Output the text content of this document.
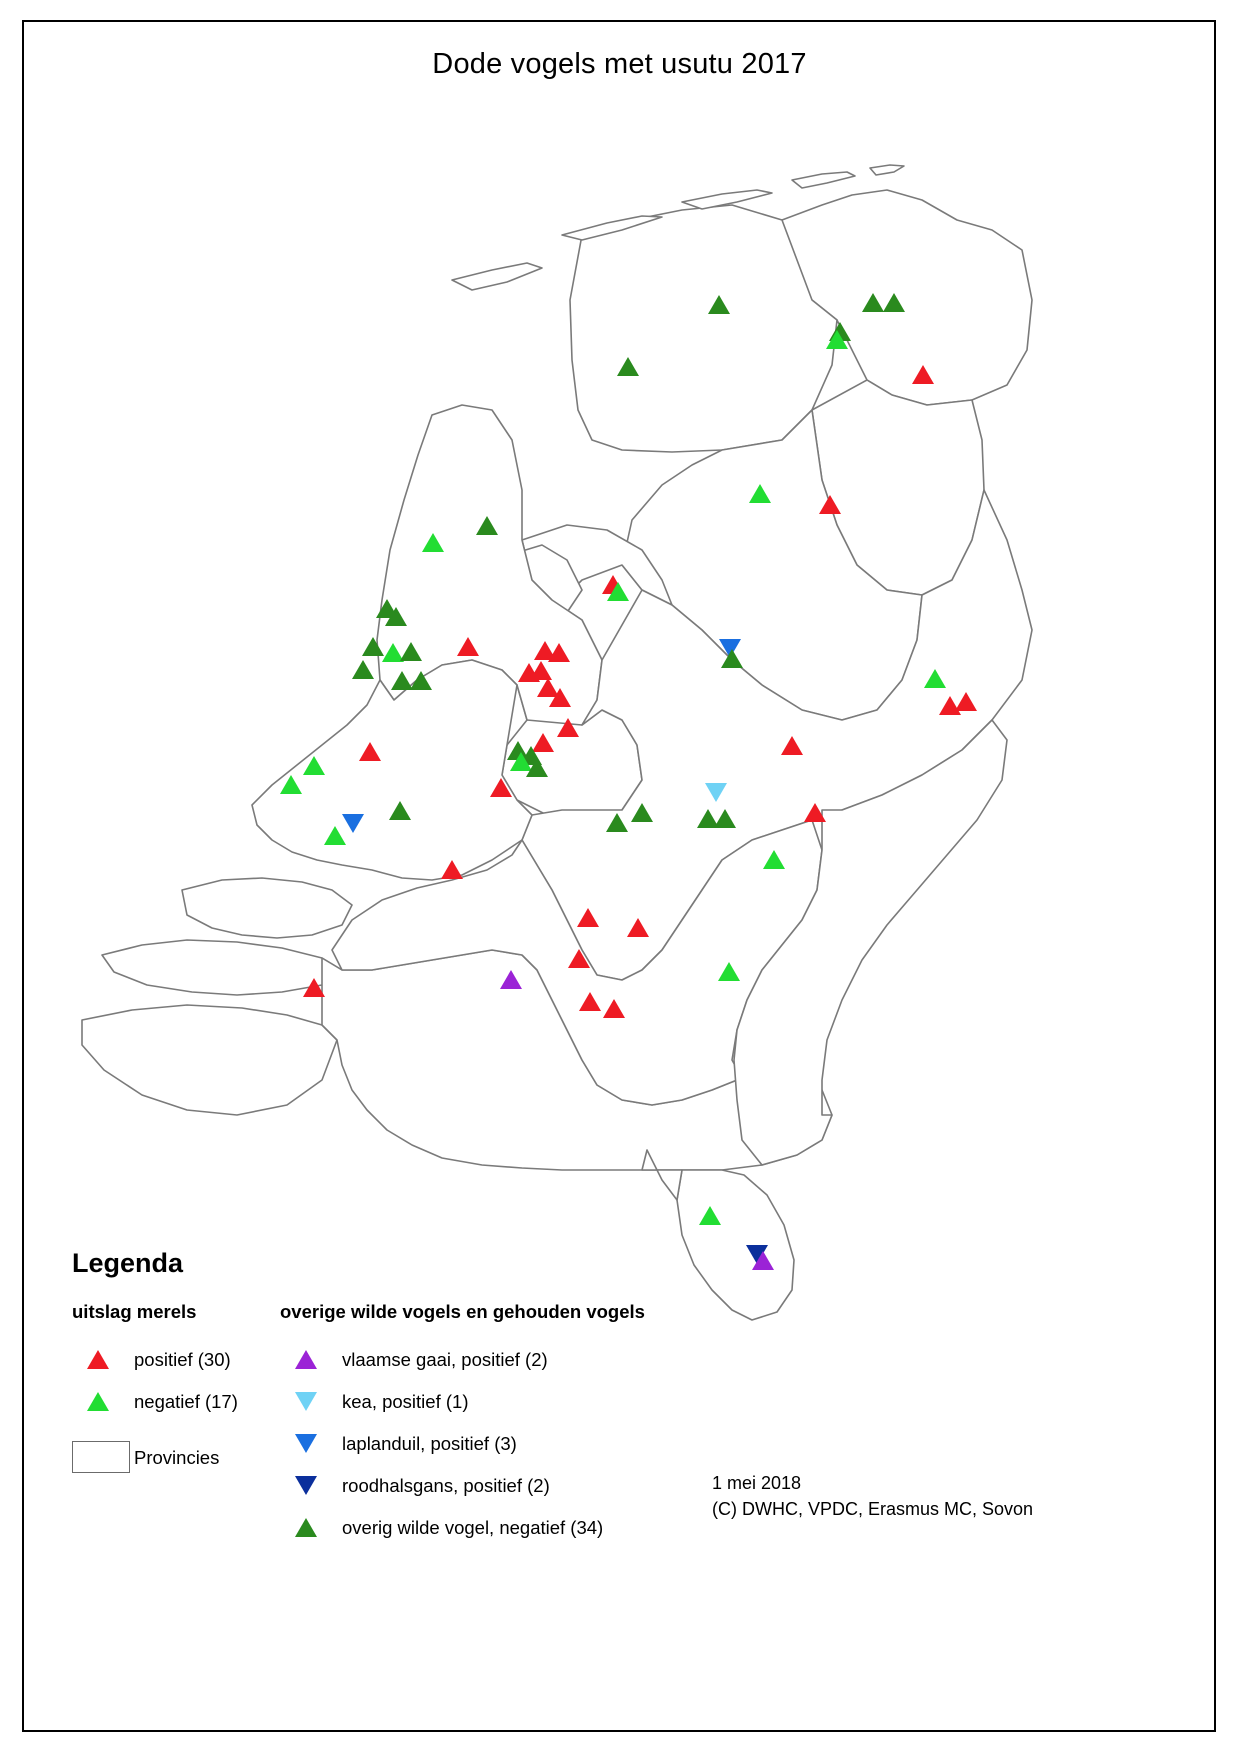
Dode vogels met usutu 2017
Legenda
uitslag merels
positief (30)
negatief (17)
Provincies
overige wilde vogels en gehouden vogels
vlaamse gaai, positief (2)
kea, positief (1)
laplanduil, positief (3)
roodhalsgans, positief (2)
overig wilde vogel, negatief (34)
1 mei 2018
(C) DWHC, VPDC, Erasmus MC, Sovon
